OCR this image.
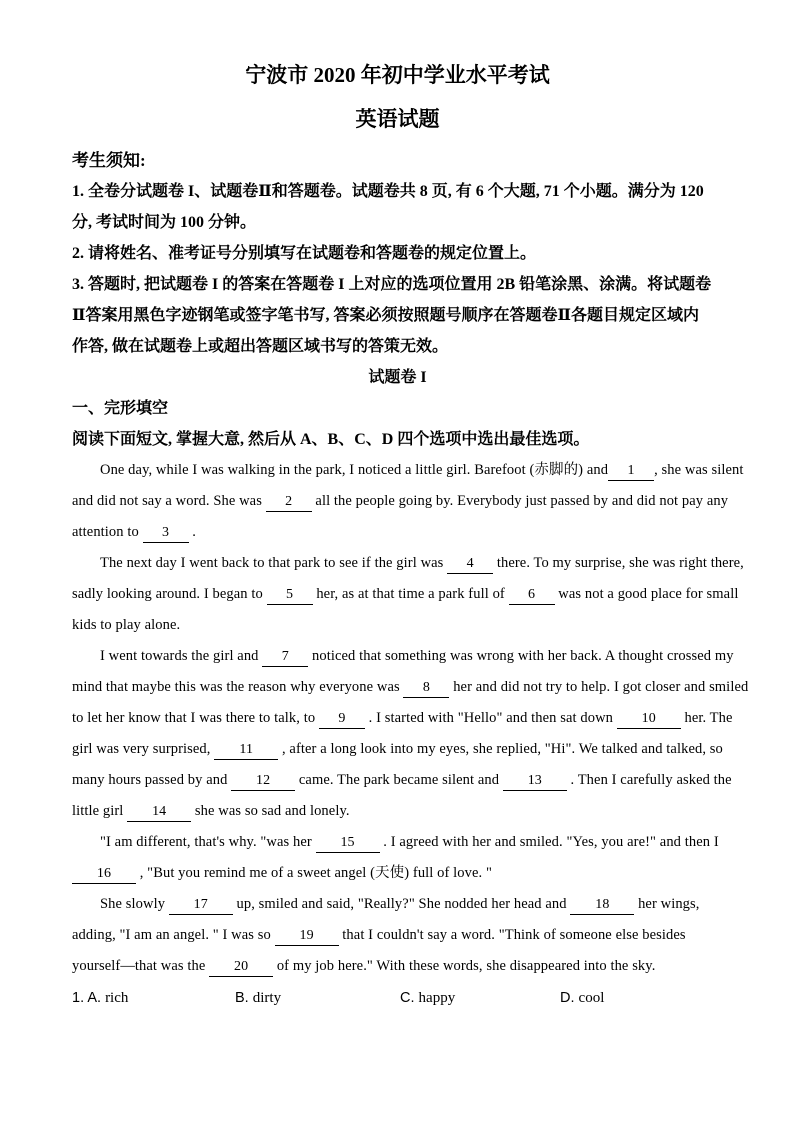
宁波市 2020 年初中学业水平考试
英语试题
考生须知:
1. 全卷分试题卷 I、试题卷Ⅱ和答题卷。试题卷共 8 页, 有 6 个大题, 71 个小题。满分为 120
分, 考试时间为 100 分钟。
2. 请将姓名、准考证号分别填写在试题卷和答题卷的规定位置上。
3. 答题时, 把试题卷 I 的答案在答题卷 I 上对应的选项位置用 2B 铅笔涂黑、涂满。将试题卷
Ⅱ答案用黑色字迹钢笔或签字笔书写, 答案必须按照题号顺序在答题卷Ⅱ各题目规定区域内
作答, 做在试题卷上或超出答题区域书写的答策无效。
试题卷 I
一、完形填空
阅读下面短文, 掌握大意, 然后从 A、B、C、D 四个选项中选出最佳选项。
One day, while I was walking in the park, I noticed a little girl. Barefoot (赤脚的) and 1 , she was silent
and did not say a word. She was 2 all the people going by. Everybody just passed by and did not pay any
attention to 3 .
The next day I went back to that park to see if the girl was 4 there. To my surprise, she was right there,
sadly looking around. I began to 5 her, as at that time a park full of 6 was not a good place for small
kids to play alone.
I went towards the girl and 7 noticed that something was wrong with her back. A thought crossed my
mind that maybe this was the reason why everyone was 8 her and did not try to help. I got closer and smiled
to let her know that I was there to talk, to 9 . I started with "Hello" and then sat down 10 her. The
girl was very surprised, 11 , after a long look into my eyes, she replied, "Hi". We talked and talked, so
many hours passed by and 12 came. The park became silent and 13 . Then I carefully asked the
little girl 14 she was so sad and lonely.
"I am different, that's why. "was her 15 . I agreed with her and smiled. "Yes, you are!" and then I
16 , "But you remind me of a sweet angel (天使) full of love. "
She slowly 17 up, smiled and said, "Really?" She nodded her head and 18 her wings,
adding, "I am an angel. " I was so 19 that I couldn't say a word. "Think of someone else besides
yourself—that was the 20 of my job here." With these words, she disappeared into the sky.
1. A. rich	B. dirty	C. happy	D. cool
